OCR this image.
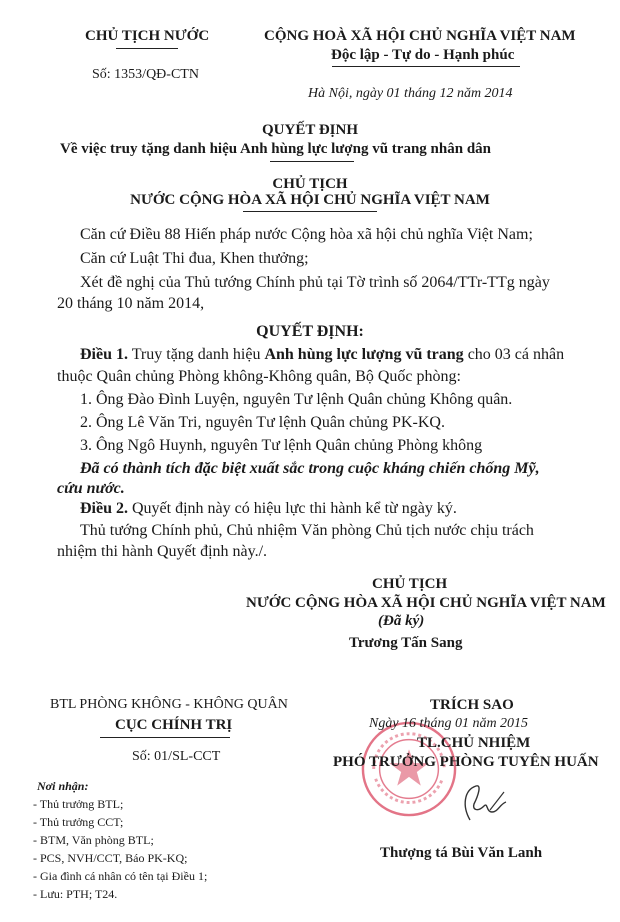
CHỦ TỊCH NƯỚC
Số: 1353/QĐ-CTN
CỘNG HOÀ XÃ HỘI CHỦ NGHĨA VIỆT NAM
Độc lập - Tự do - Hạnh phúc
Hà Nội, ngày 01 tháng 12 năm 2014
QUYẾT ĐỊNH
Về việc truy tặng danh hiệu Anh hùng lực lượng vũ trang nhân dân
CHỦ TỊCH
NƯỚC CỘNG HÒA XÃ HỘI CHỦ NGHĨA VIỆT NAM
Căn cứ Điều 88 Hiến pháp nước Cộng hòa xã hội chủ nghĩa Việt Nam;
Căn cứ Luật Thi đua, Khen thưởng;
Xét đề nghị của Thủ tướng Chính phủ tại Tờ trình số 2064/TTr-TTg ngày
20 tháng 10 năm 2014,
QUYẾT ĐỊNH:
Điều 1. Truy tặng danh hiệu Anh hùng lực lượng vũ trang cho 03 cá nhân
thuộc Quân chủng Phòng không-Không quân, Bộ Quốc phòng:
1. Ông Đào Đình Luyện, nguyên Tư lệnh Quân chủng Không quân.
2. Ông Lê Văn Tri, nguyên Tư lệnh Quân chủng PK-KQ.
3. Ông Ngô Huynh, nguyên Tư lệnh Quân chủng Phòng không
Đã có thành tích đặc biệt xuất sắc trong cuộc kháng chiến chống Mỹ,
cứu nước.
Điều 2. Quyết định này có hiệu lực thi hành kể từ ngày ký.
Thủ tướng Chính phủ, Chủ nhiệm Văn phòng Chủ tịch nước chịu trách
nhiệm thi hành Quyết định này./.
CHỦ TỊCH
NƯỚC CỘNG HÒA XÃ HỘI CHỦ NGHĨA VIỆT NAM
(Đã ký)
Trương Tấn Sang
BTL PHÒNG KHÔNG - KHÔNG QUÂN
CỤC CHÍNH TRỊ
Số: 01/SL-CCT
Nơi nhận:
- Thủ trưởng BTL;
- Thủ trưởng CCT;
- BTM, Văn phòng BTL;
- PCS, NVH/CCT, Báo PK-KQ;
- Gia đình cá nhân có tên tại Điều 1;
- Lưu: PTH; T24.
TRÍCH SAO
Ngày 16 tháng 01 năm 2015
TL.CHỦ NHIỆM
PHÓ TRƯỞNG PHÒNG TUYÊN HUẤN
Thượng tá Bùi Văn Lanh
